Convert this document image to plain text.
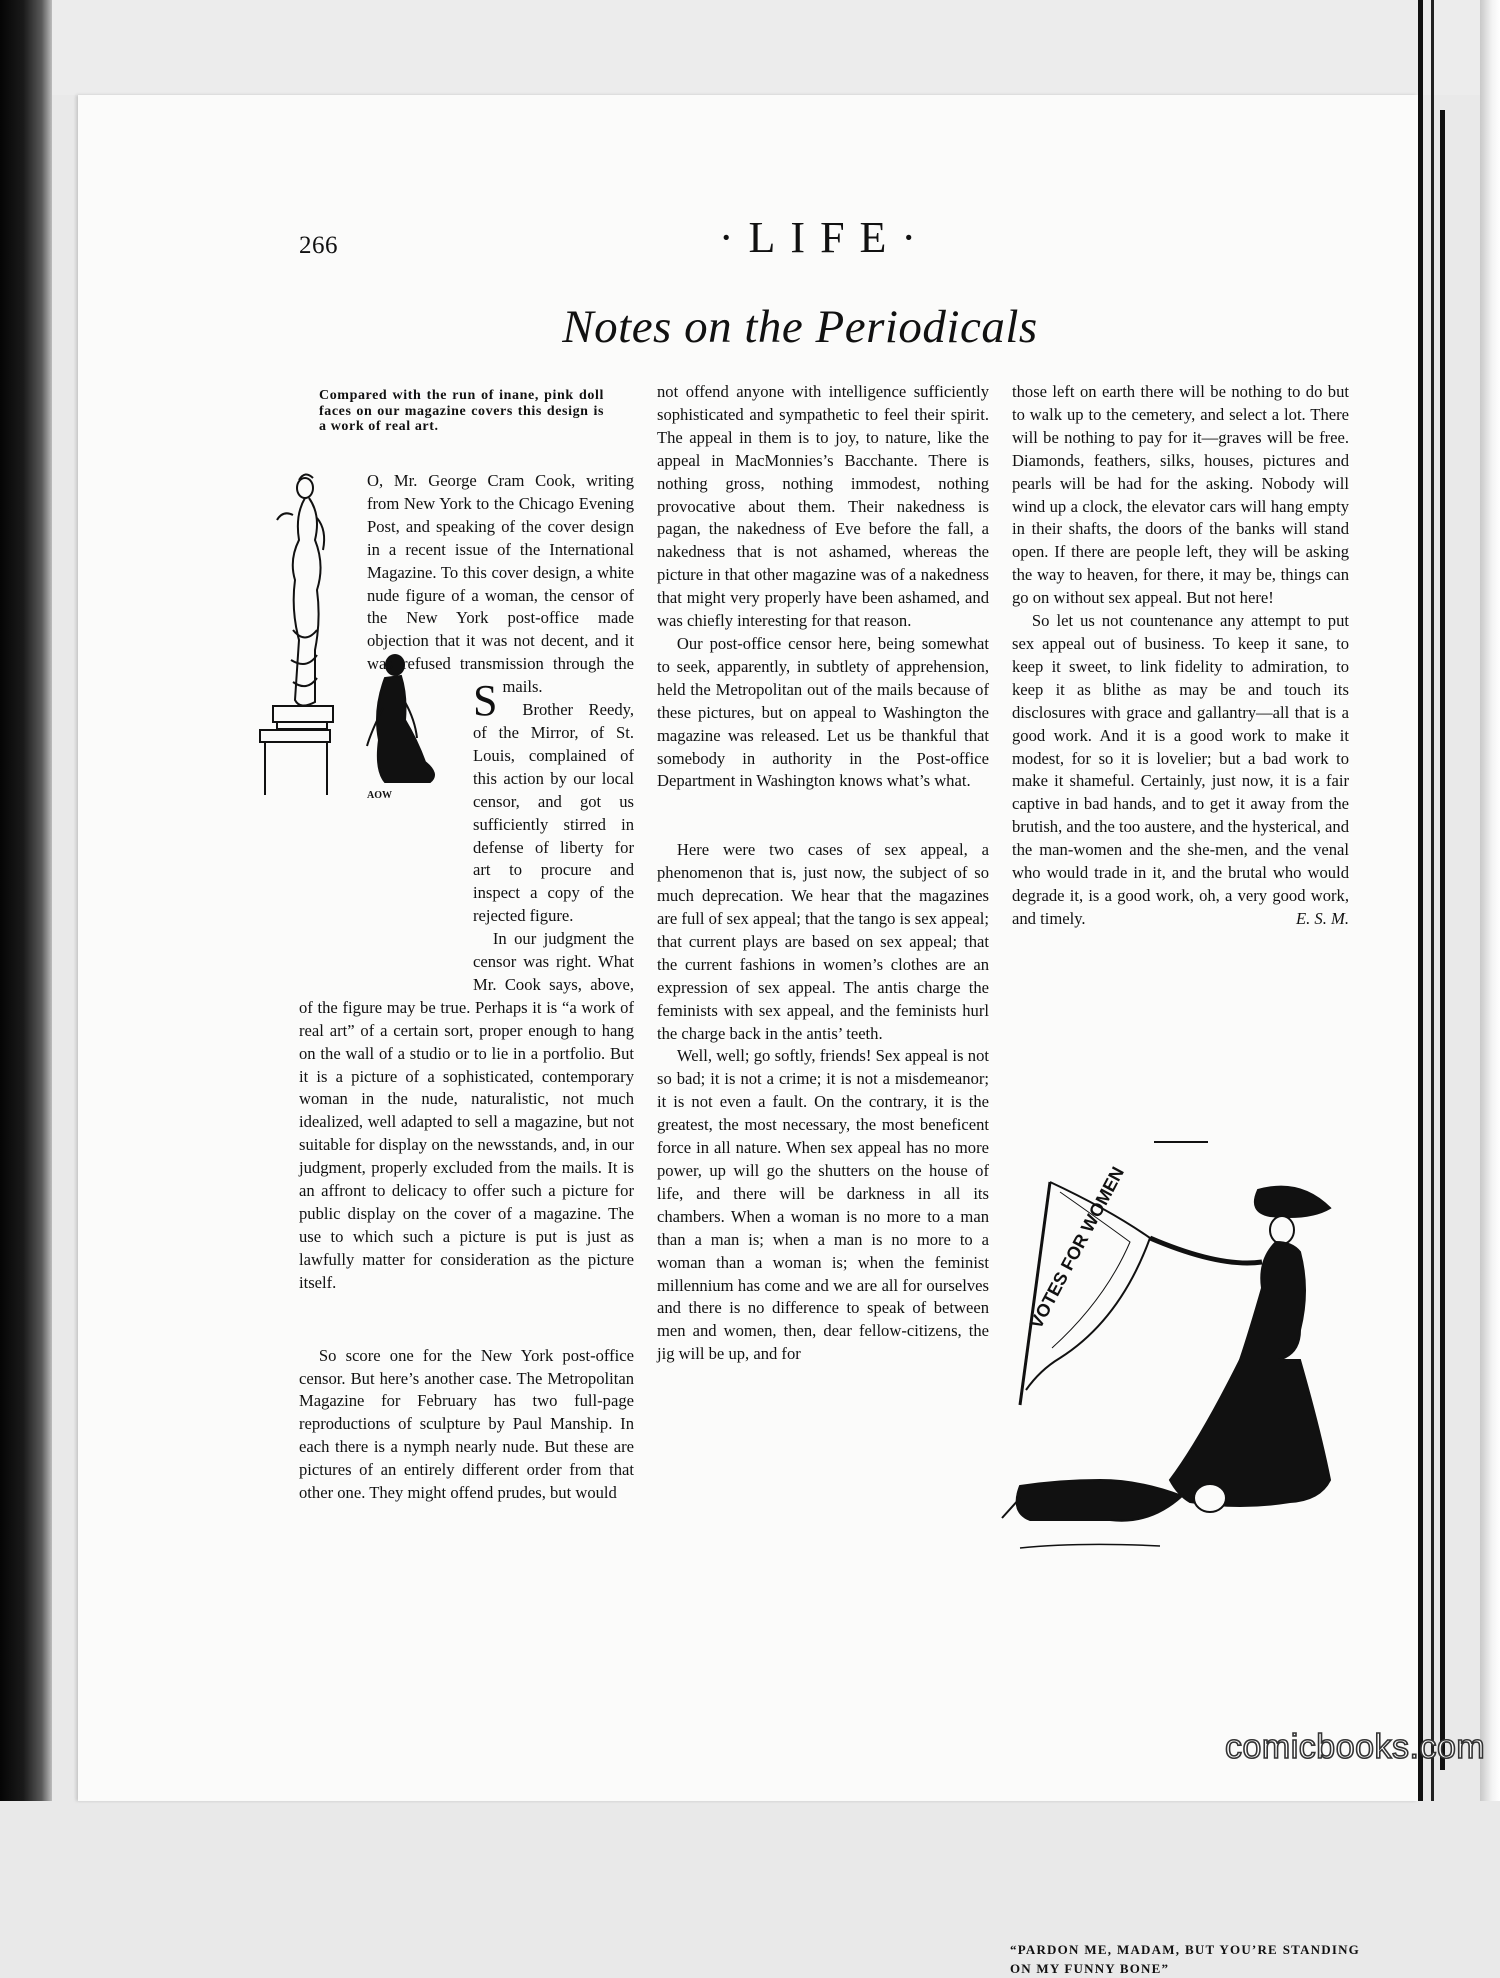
266	·LIFE·
Notes on the Periodicals
Compared with the run of inane, pink doll faces on our magazine covers this design is a work of real art.
AOW

S
O, Mr. George Cram Cook, writing from New York to the Chicago Evening Post, and speaking of the cover design in a recent issue of the International Magazine. To this cover design, a white nude figure of a woman, the censor of the New York post-office made objection that it was not decent, and it was refused transmission through the mails.

Brother Reedy, of the Mirror, of St. Louis, complained of this action by our local censor, and got us sufficiently stirred in defense of liberty for art to procure and inspect a copy of the rejected figure.

In our judgment the censor was right. What Mr. Cook says, above, of the figure may be true. Perhaps it is “a work of real art” of a certain sort, proper enough to hang on the wall of a studio or to lie in a portfolio. But it is a picture of a sophisticated, contemporary woman in the nude, naturalistic, not much idealized, well adapted to sell a magazine, but not suitable for display on the newsstands, and, in our judgment, properly excluded from the mails. It is an affront to delicacy to offer such a picture for public display on the cover of a magazine. The use to which such a picture is put is just as lawfully matter for consideration as the picture itself.

So score one for the New York post-office censor. But here’s another case. The Metropolitan Magazine for February has two full-page reproductions of sculpture by Paul Manship. In each there is a nymph nearly nude. But these are pictures of an entirely different order from that other one. They might offend prudes, but would

not offend anyone with intelligence sufficiently sophisticated and sympathetic to feel their spirit. The appeal in them is to joy, to nature, like the appeal in MacMonnies’s Bacchante. There is nothing gross, nothing immodest, nothing provocative about them. Their nakedness is pagan, the nakedness of Eve before the fall, a nakedness that is not ashamed, whereas the picture in that other magazine was of a nakedness that might very properly have been ashamed, and was chiefly interesting for that reason.

Our post-office censor here, being somewhat to seek, apparently, in subtlety of apprehension, held the Metropolitan out of the mails because of these pictures, but on appeal to Washington the magazine was released. Let us be thankful that somebody in authority in the Post-office Department in Washington knows what’s what.

Here were two cases of sex appeal, a phenomenon that is, just now, the subject of so much deprecation. We hear that the magazines are full of sex appeal; that the tango is sex appeal; that current plays are based on sex appeal; that the current fashions in women’s clothes are an expression of sex appeal. The antis charge the feminists with sex appeal, and the feminists hurl the charge back in the antis’ teeth.

Well, well; go softly, friends! Sex appeal is not so bad; it is not a crime; it is not a misdemeanor; it is not even a fault. On the contrary, it is the greatest, the most necessary, the most beneficent force in all nature. When sex appeal has no more power, up will go the shutters on the house of life, and there will be darkness in all its chambers. When a woman is no more to a man than a man is; when a man is no more to a woman than a woman is; when the feminist millennium has come and we are all for ourselves and there is no difference to speak of between men and women, then, dear fellow-citizens, the jig will be up, and for

those left on earth there will be nothing to do but to walk up to the cemetery, and select a lot. There will be nothing to pay for it—graves will be free. Diamonds, feathers, silks, houses, pictures and pearls will be had for the asking. Nobody will wind up a clock, the elevator cars will hang empty in their shafts, the doors of the banks will stand open. If there are people left, they will be asking the way to heaven, for there, it may be, things can go on without sex appeal. But not here!

So let us not countenance any attempt to put sex appeal out of business. To keep it sane, to keep it sweet, to link fidelity to admiration, to keep it as blithe as may be and touch its disclosures with grace and gallantry—all that is a good work. And it is a good work to make it modest, for so it is lovelier; but a bad work to make it shameful. Certainly, just now, it is a fair captive in bad hands, and to get it away from the brutish, and the too austere, and the hysterical, and the man-women and the she-men, and the venal who would trade in it, and the brutal who would degrade it, is a good work, oh, a very good work, and timely.	E. S. M.

VOTES FOR WOMEN
“PARDON ME, MADAM, BUT YOU’RE STANDING ON MY FUNNY BONE”
comicbooks.com
